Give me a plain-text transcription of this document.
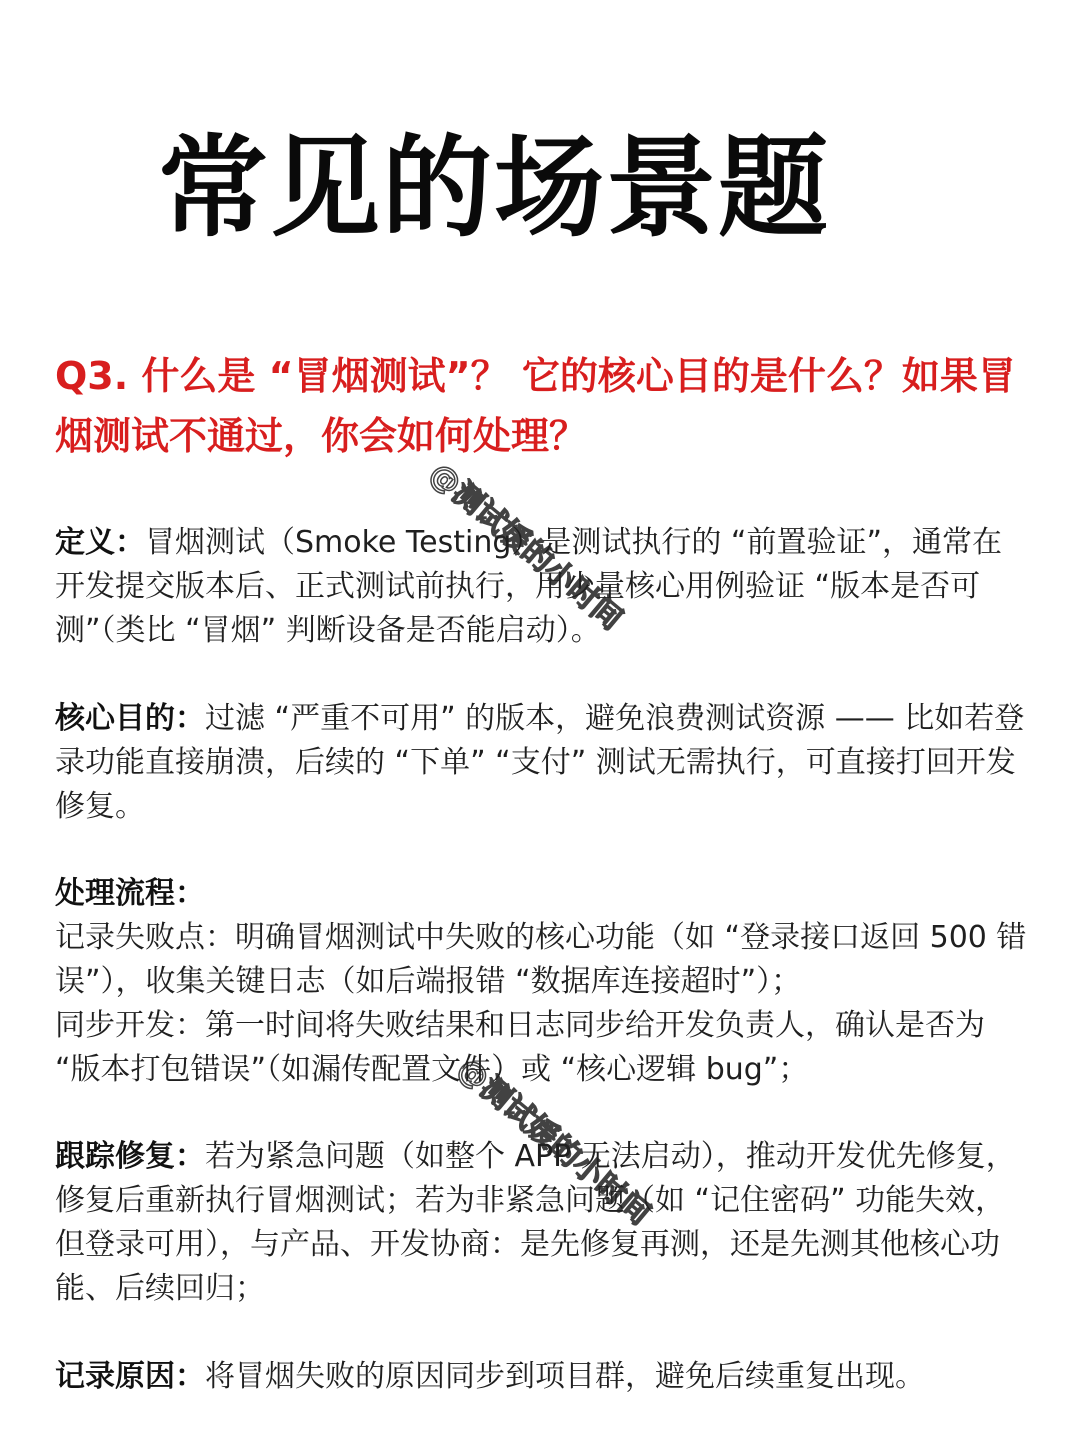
常见的场景题

Q3. 什么是 “冒烟测试”？ 它的核心目的是什么？如果冒烟测试不通过，你会如何处理？

定义：冒烟测试（Smoke Testing）是测试执行的 “前置验证”，通常在开发提交版本后、正式测试前执行，用少量核心用例验证 “版本是否可测”（类比 “冒烟” 判断设备是否能启动）。

核心目的：过滤 “严重不可用” 的版本，避免浪费测试资源 —— 比如若登录功能直接崩溃，后续的 “下单” “支付” 测试无需执行，可直接打回开发修复。

处理流程：

记录失败点：明确冒烟测试中失败的核心功能（如 “登录接口返回 500 错误”），收集关键日志（如后端报错 “数据库连接超时”）；

同步开发：第一时间将失败结果和日志同步给开发负责人，确认是否为 “版本打包错误”（如漏传配置文件）或 “核心逻辑 bug”；

跟踪修复：若为紧急问题（如整个 APP 无法启动），推动开发优先修复，修复后重新执行冒烟测试；若为非紧急问题（如 “记住密码” 功能失效，但登录可用），与产品、开发协商：是先修复再测，还是先测其他核心功能、后续回归；

记录原因：将冒烟失败的原因同步到项目群，避免后续重复出现。

@测试媛的小时间
@测试媛的小时间
